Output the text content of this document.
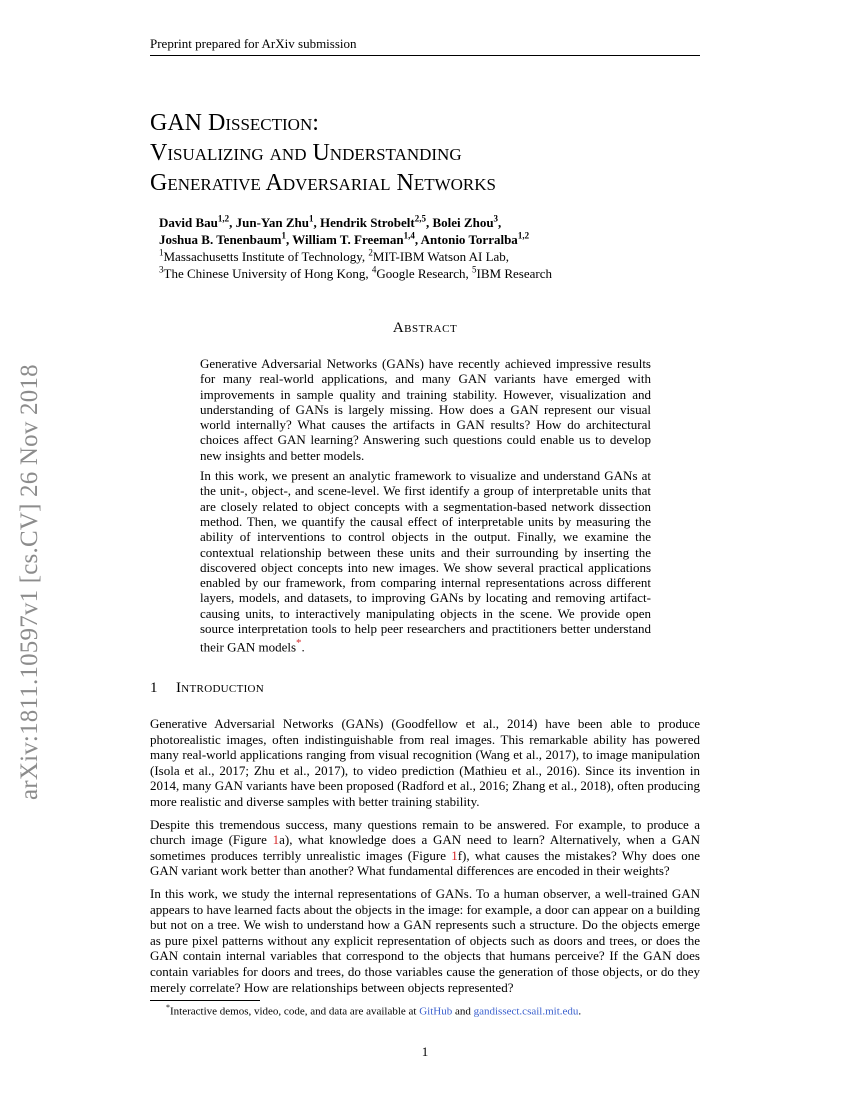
Preprint prepared for ArXiv submission
arXiv:1811.10597v1 [cs.CV] 26 Nov 2018
GAN Dissection:
Visualizing and Understanding
Generative Adversarial Networks
David Bau$^{1,2}$, Jun-Yan Zhu$^1$, Hendrik Strobelt$^{2,5}$, Bolei Zhou$^3$,
Joshua B. Tenenbaum$^1$, William T. Freeman$^{1,4}$, Antonio Torralba$^{1,2}$
$^1$Massachusetts Institute of Technology, $^2$MIT-IBM Watson AI Lab,
$^3$The Chinese University of Hong Kong, $^4$Google Research, $^5$IBM Research
Abstract

Generative Adversarial Networks (GANs) have recently achieved impressive results for many real-world applications, and many GAN variants have emerged with improvements in sample quality and training stability. However, visualization and understanding of GANs is largely missing. How does a GAN represent our visual world internally? What causes the artifacts in GAN results? How do architectural choices affect GAN learning? Answering such questions could enable us to develop new insights and better models.

In this work, we present an analytic framework to visualize and understand GANs at the unit-, object-, and scene-level. We first identify a group of interpretable units that are closely related to object concepts with a segmentation-based network dissection method. Then, we quantify the causal effect of interpretable units by measuring the ability of interventions to control objects in the output. Finally, we examine the contextual relationship between these units and their surrounding by inserting the discovered object concepts into new images. We show several practical applications enabled by our framework, from comparing internal representations across different layers, models, and datasets, to improving GANs by locating and removing artifact-causing units, to interactively manipulating objects in the scene. We provide open source interpretation tools to help peer researchers and practitioners better understand their GAN models*.

1 Introduction

Generative Adversarial Networks (GANs) (Goodfellow et al., 2014) have been able to produce photorealistic images, often indistinguishable from real images. This remarkable ability has powered many real-world applications ranging from visual recognition (Wang et al., 2017), to image manipulation (Isola et al., 2017; Zhu et al., 2017), to video prediction (Mathieu et al., 2016). Since its invention in 2014, many GAN variants have been proposed (Radford et al., 2016; Zhang et al., 2018), often producing more realistic and diverse samples with better training stability.

Despite this tremendous success, many questions remain to be answered. For example, to produce a church image (Figure 1a), what knowledge does a GAN need to learn? Alternatively, when a GAN sometimes produces terribly unrealistic images (Figure 1f), what causes the mistakes? Why does one GAN variant work better than another? What fundamental differences are encoded in their weights?

In this work, we study the internal representations of GANs. To a human observer, a well-trained GAN appears to have learned facts about the objects in the image: for example, a door can appear on a building but not on a tree. We wish to understand how a GAN represents such a structure. Do the objects emerge as pure pixel patterns without any explicit representation of objects such as doors and trees, or does the GAN contain internal variables that correspond to the objects that humans perceive? If the GAN does contain variables for doors and trees, do those variables cause the generation of those objects, or do they merely correlate? How are relationships between objects represented?

*Interactive demos, video, code, and data are available at GitHub and gandissect.csail.mit.edu.
1
